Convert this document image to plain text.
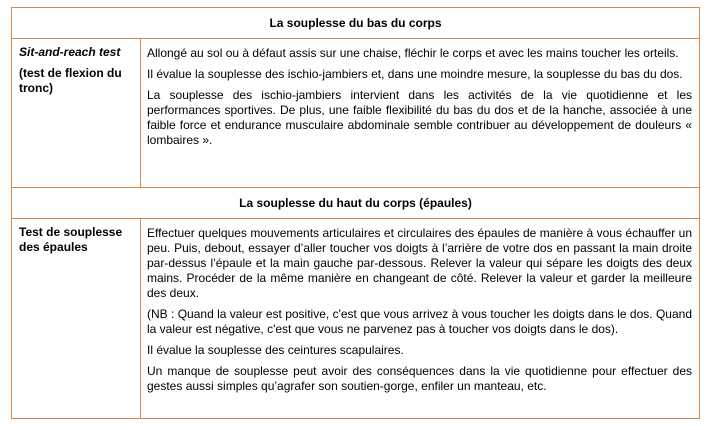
La souplesse du bas du corps

Sit-and-reach test

(test de flexion du tronc)

Allongé au sol ou à défaut assis sur une chaise, fléchir le corps et avec les mains toucher les orteils.

Il évalue la souplesse des ischio-jambiers et, dans une moindre mesure, la souplesse du bas du dos.

La souplesse des ischio-jambiers intervient dans les activités de la vie quotidienne et les performances sportives. De plus, une faible flexibilité du bas du dos et de la hanche, associée à une faible force et endurance musculaire abdominale semble contribuer au développement de douleurs « lombaires ».

La souplesse du haut du corps (épaules)

Test de souplesse des épaules

Effectuer quelques mouvements articulaires et circulaires des épaules de manière à vous échauffer un peu. Puis, debout, essayer d’aller toucher vos doigts à l’arrière de votre dos en passant la main droite par-dessus l’épaule et la main gauche par-dessous. Relever la valeur qui sépare les doigts des deux mains. Procéder de la même manière en changeant de côté. Relever la valeur et garder la meilleure des deux.

(NB : Quand la valeur est positive, c'est que vous arrivez à vous toucher les doigts dans le dos. Quand la valeur est négative, c'est que vous ne parvenez pas à toucher vos doigts dans le dos).

Il évalue la souplesse des ceintures scapulaires.

Un manque de souplesse peut avoir des conséquences dans la vie quotidienne pour effectuer des gestes aussi simples qu’agrafer son soutien-gorge, enfiler un manteau, etc.
